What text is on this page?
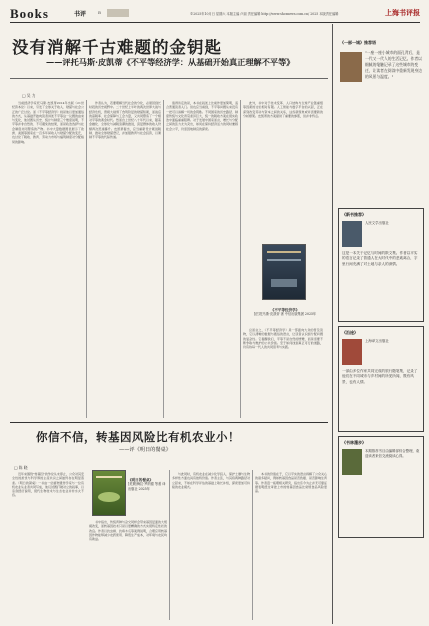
Books	书评	B	©2025年10月日 星期六 本版主编 卢丽 责任编辑 http://www.shcsnews.com.cn/ 2025 本版责任编辑	上海书评报
没有消解千古难题的金钥匙
——评托马斯·皮凯蒂《不平等经济学：从基础开始真正理解不平等》
□ 吴 力

当前经济学家托马斯·皮凯蒂2014年出版《21世纪资本论》以来，引发了全球关于收入、财富与社会公正的广泛讨论。而《不平等经济学》则是他以更加通俗的方式，从基础开始向读者讲述不平等这一议题的由来与变化，他试图从历史、统计与制度三个维度说明，不平等并非自然的、不可避免的结果，而是政治选择与社会制度共同塑造的产物。书中大量数据图表展示了欧洲、美国等国家在一百多年间收入与财富分配的变迁，也讨论了税收、教育、劳动力市场与福利制度对分配格局的影响。

作者认为，若要理解当代社会的分化，必须回到长时段的历史视野中。二十世纪上半叶的两次世界大战与经济危机，曾极大削弱了食利阶层的财富积累，而战后的高税率、社会保障与工会力量，又共同塑造了一个相对平等的黄金时代。然而自上世纪八十年代以来，随着金融化、全球化与减税浪潮的推进，顶层群体的收入份额再次迅速攀升。皮凯蒂提出，应当重新设计累进税制、推动全球财富登记，并加强教育与社会投资，以遏制不平等的代际传递。

值得肯定的是，本书在叙述上比前作更加简明，适合普通读者入门。但也应当看到，不平等问题从来没有一把可以消解一切的金钥匙。不同国家的历史路径、制度传统与文化背景差异巨大，统一的税收方案在现实政治中面临重重阻碍。对于发展中国家而言，增长与分配之间的张力尤为突出，如何在保持经济活力的同时兼顾社会公平，仍需因地制宜的探索。

此外，书中对于技术变革、人口结构与全球产业链重组等因素的讨论相对有限。人工智能与数字平台的兴起，正在深刻改变劳动与资本之间的关系，这些新现象或许需要新的分析框架。皮凯蒂的方案提供了重要的参照，但并非终点。

《不平等经济学》
[法]托马斯·皮凯蒂 著 中信出版集团 2025年

总而言之，《不平等经济学》是一部面向大众的普及读物，它以清晰的数据与通俗的语言，让读者认识到分配问题的复杂性。它提醒我们，平等不是自然的馈赠，而是需要不断争取与维护的公共价值。至于如何找到真正可行的道路，仍有待每一代人的共同思考与实践。

你信不信，转基因风险比有机农业小！
——评《明日的餐桌》
□ 陈 晓

近年来围绕"转基因"的争论从未停止，公众对其安全性的担忧与科学界的主流共识之间始终存在明显落差。《明日的餐桌》一书由一位植物遗传学家与一位有机农业从业者共同写成，他们试图打破对立的叙事，以亲身经历说明，现代生物技术与生态农业并非水火不容。

《明日的餐桌》
[美]帕梅拉·罗纳德 等著 译 出版社 2025年

书中指出，传统育种与杂交同样会带来基因层面的大规模改变，而转基因技术只是以更精确的方式实现特定性状的改良。作者以抗虫棉、抗病木瓜等案例说明，合理应用转基因作物能够减少农药使用、降低生产成本，对环境与农民均有助益。

与此同时，有机农业在减少化学投入、保护土壤与生物多样性方面也具有独特价值。作者主张，与其将两种路径对立起来，不如在科学评估的基础上取长补短，探索更加可持续的农业模式。

本书的价值在于，它以平实的语言拆解了公众关心的诸多疑问，例如转基因食品是否致癌、是否影响生育等。作者逐一梳理相关研究，指出迄今为止并无可靠证据表明经过审批上市的转基因食品比常规食品风险更高。

《一部一城》推荐语
"一座一座小城市的面孔背后，是一代又一代人的生活记忆。作者以细腻的笔触记录了这些城市的变迁，让读者在阅读中重新发现身边的风景与温度。"
《新书推荐》
人民文学出版社
这是一本关于记忆与时间的散文集。作者以平实的语言记录了普通人在大时代中的悲欢离合，字里行间充满了对土地与亲人的深情。
《沿途》
上海译文出版社
一部由多位作家共同完成的旅行随笔集，记录了他们在不同城市与乡村间的所见所闻，既有风景，也有人情。
《书林漫步》
本期推荐书目由编辑部综合整理，欢迎读者来信交流阅读心得。
